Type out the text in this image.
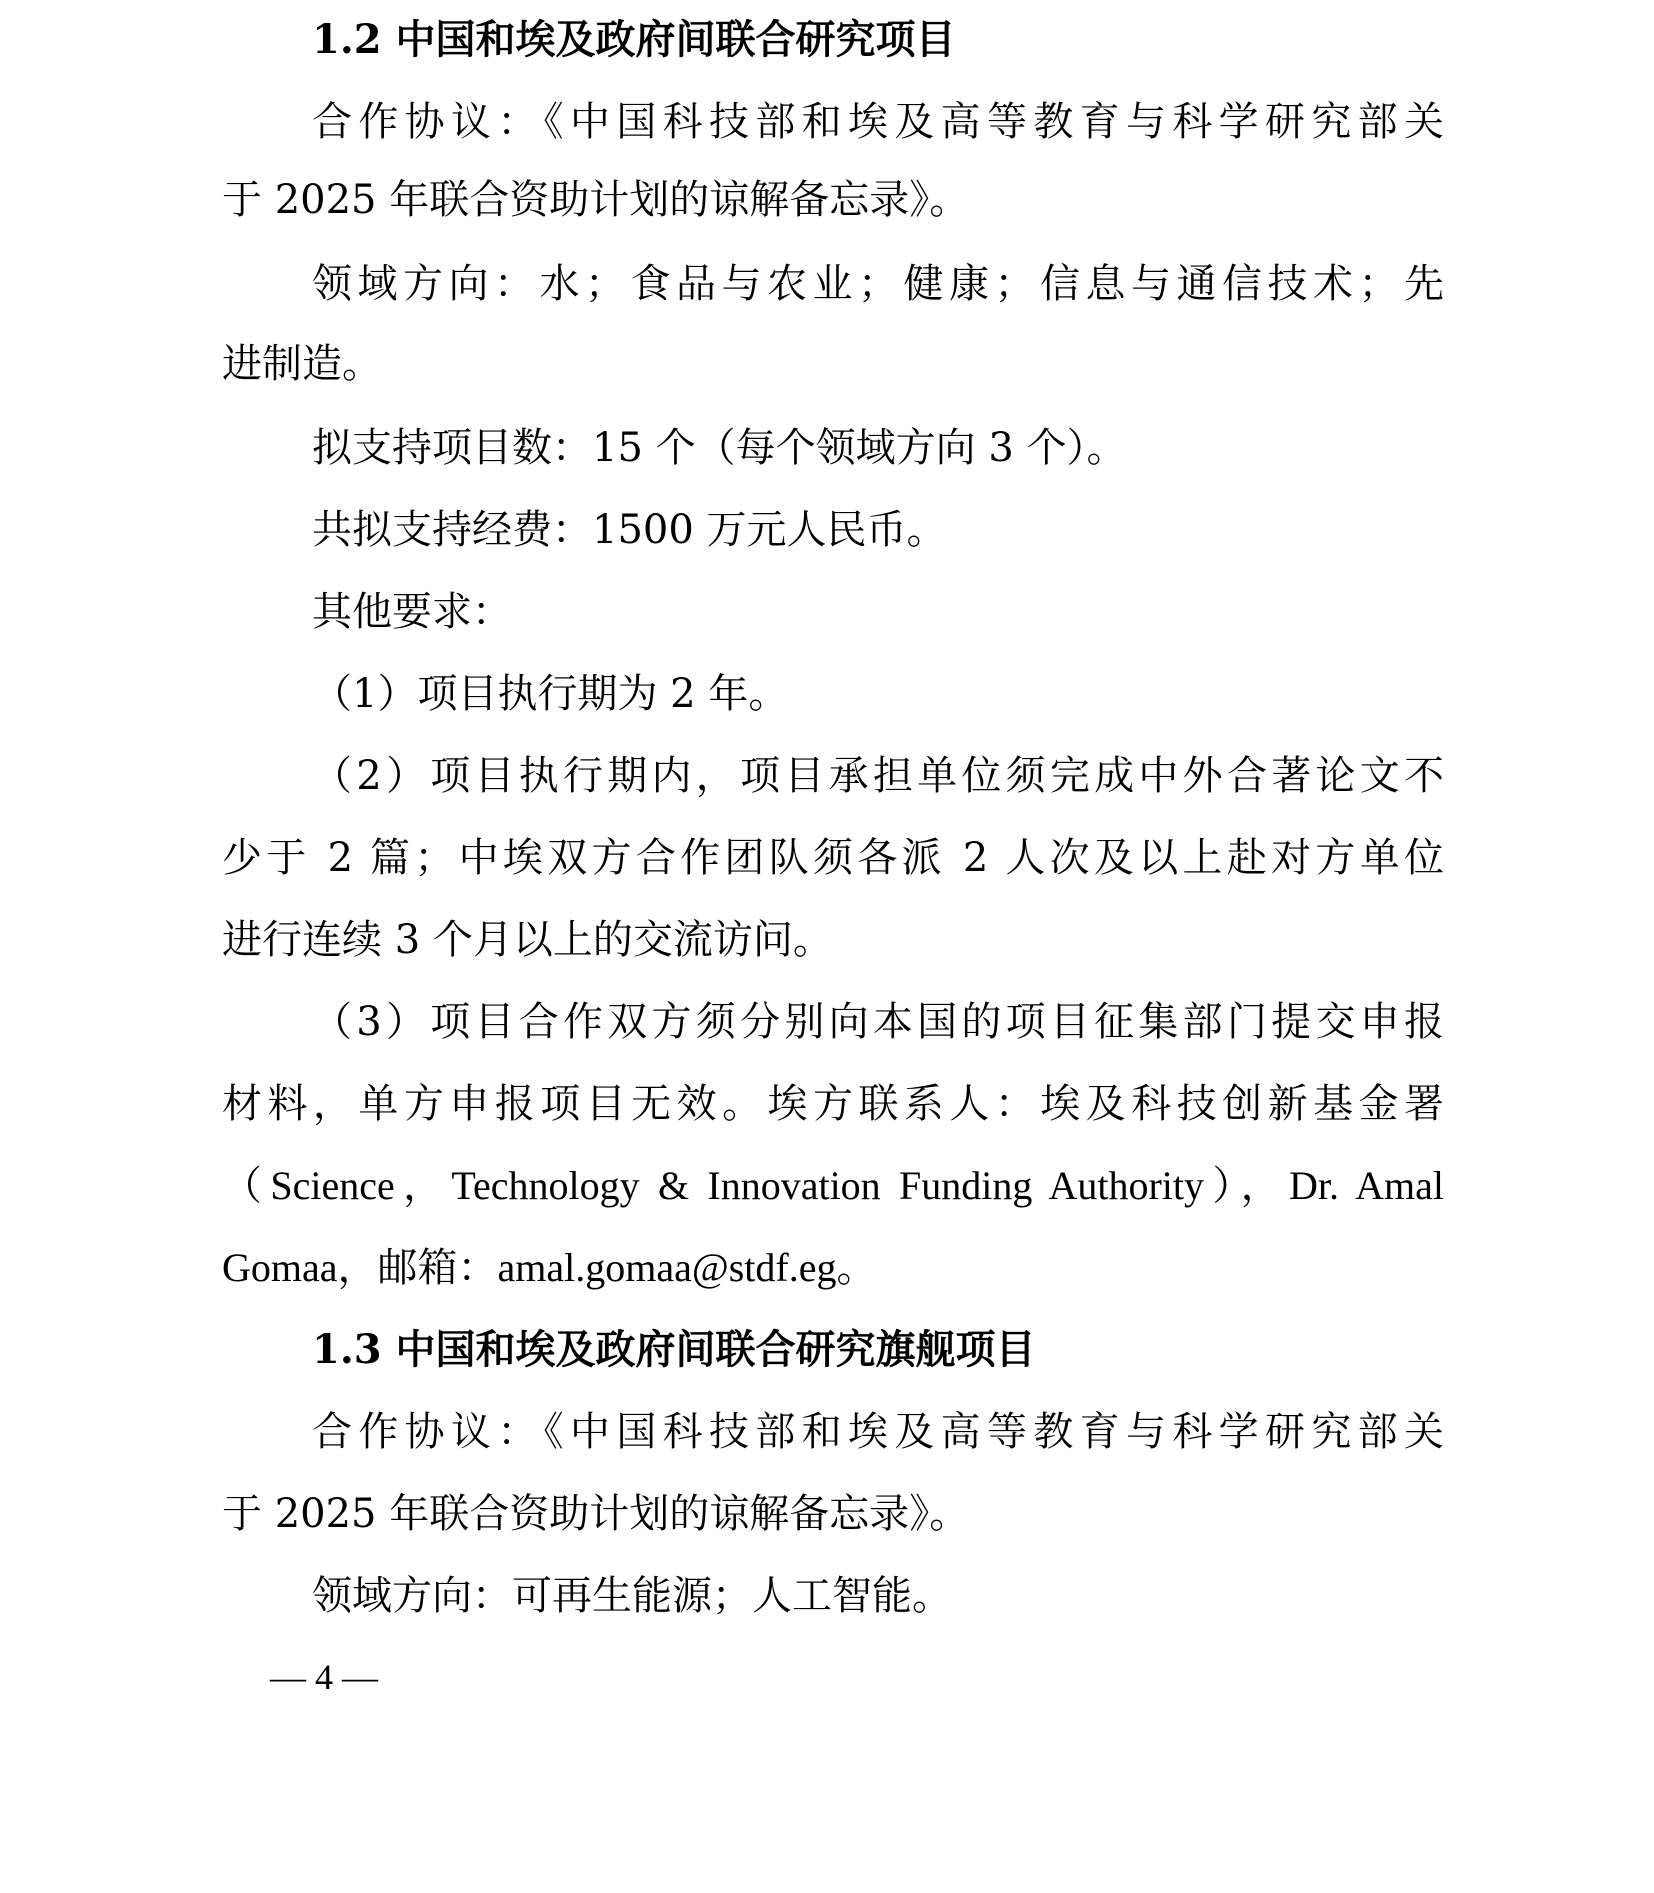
1.2 中国和埃及政府间联合研究项目
合作协议：《中国科技部和埃及高等教育与科学研究部关
于 2025 年联合资助计划的谅解备忘录》。
领域方向：水；食品与农业；健康；信息与通信技术；先
进制造。
拟支持项目数：15 个（每个领域方向 3 个）。
共拟支持经费：1500 万元人民币。
其他要求：
（1）项目执行期为 2 年。
（2）项目执行期内，项目承担单位须完成中外合著论文不
少于 2 篇；中埃双方合作团队须各派 2 人次及以上赴对方单位
进行连续 3 个月以上的交流访问。
（3）项目合作双方须分别向本国的项目征集部门提交申报
材料，单方申报项目无效。埃方联系人：埃及科技创新基金署
（Science，Technology & Innovation Funding Authority），Dr. Amal
Gomaa，邮箱：amal.gomaa@stdf.eg。
1.3 中国和埃及政府间联合研究旗舰项目
合作协议：《中国科技部和埃及高等教育与科学研究部关
于 2025 年联合资助计划的谅解备忘录》。
领域方向：可再生能源；人工智能。
— 4 —
